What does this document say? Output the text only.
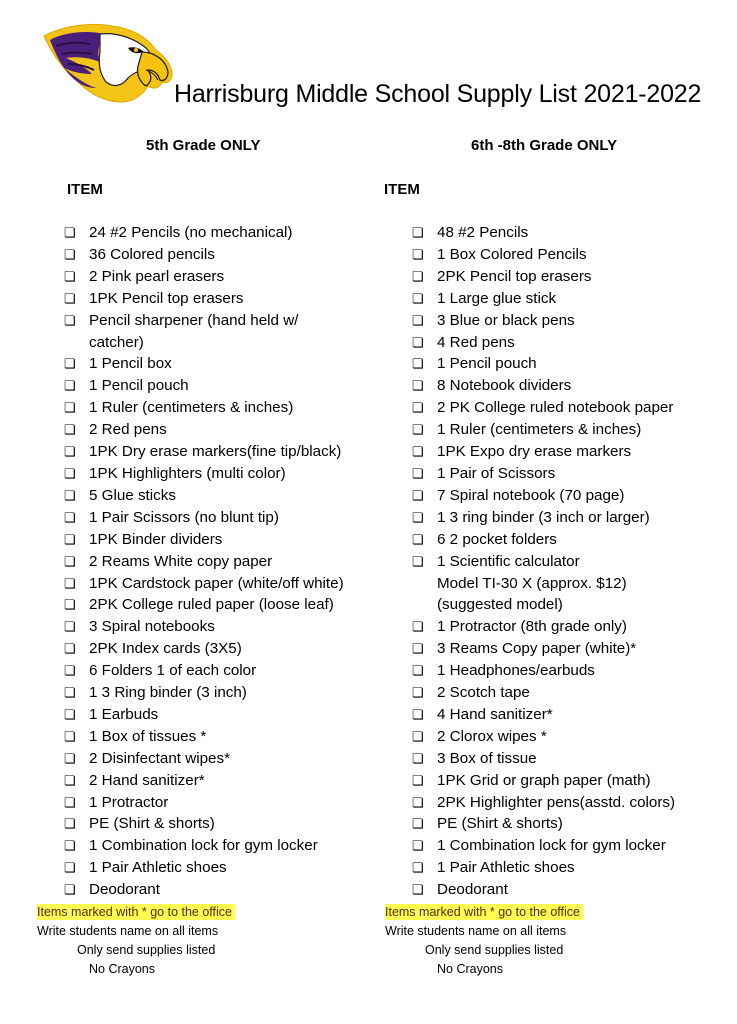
Harrisburg Middle School Supply List 2021-2022
5th Grade ONLY
ITEM
❏ 24 #2 Pencils (no mechanical)
❏ 36 Colored pencils
❏ 2 Pink pearl erasers
❏ 1PK Pencil top erasers
❏ Pencil sharpener (hand held w/
catcher)
❏ 1 Pencil box
❏ 1 Pencil pouch
❏ 1 Ruler (centimeters & inches)
❏ 2 Red pens
❏ 1PK Dry erase markers(fine tip/black)
❏ 1PK Highlighters (multi color)
❏ 5 Glue sticks
❏ 1 Pair Scissors (no blunt tip)
❏ 1PK Binder dividers
❏ 2 Reams White copy paper
❏ 1PK Cardstock paper (white/off white)
❏ 2PK College ruled paper (loose leaf)
❏ 3 Spiral notebooks
❏ 2PK Index cards (3X5)
❏ 6 Folders 1 of each color
❏ 1 3 Ring binder (3 inch)
❏ 1 Earbuds
❏ 1 Box of tissues *
❏ 2 Disinfectant wipes*
❏ 2 Hand sanitizer*
❏ 1 Protractor
❏ PE (Shirt & shorts)
❏ 1 Combination lock for gym locker
❏ 1 Pair Athletic shoes
❏ Deodorant
Items marked with * go to the office
Write students name on all items
Only send supplies listed
No Crayons
6th -8th Grade ONLY
ITEM
❏ 48 #2 Pencils
❏ 1 Box Colored Pencils
❏ 2PK Pencil top erasers
❏ 1 Large glue stick
❏ 3 Blue or black pens
❏ 4 Red pens
❏ 1 Pencil pouch
❏ 8 Notebook dividers
❏ 2 PK College ruled notebook paper
❏ 1 Ruler (centimeters & inches)
❏ 1PK Expo dry erase markers
❏ 1 Pair of Scissors
❏ 7 Spiral notebook (70 page)
❏ 1 3 ring binder (3 inch or larger)
❏ 6 2 pocket folders
❏ 1 Scientific calculator
Model TI-30 X (approx. $12)
(suggested model)
❏ 1 Protractor (8th grade only)
❏ 3 Reams Copy paper (white)*
❏ 1 Headphones/earbuds
❏ 2 Scotch tape
❏ 4 Hand sanitizer*
❏ 2 Clorox wipes *
❏ 3 Box of tissue
❏ 1PK Grid or graph paper (math)
❏ 2PK Highlighter pens(asstd. colors)
❏ PE (Shirt & shorts)
❏ 1 Combination lock for gym locker
❏ 1 Pair Athletic shoes
❏ Deodorant
Items marked with * go to the office
Write students name on all items
Only send supplies listed
No Crayons
